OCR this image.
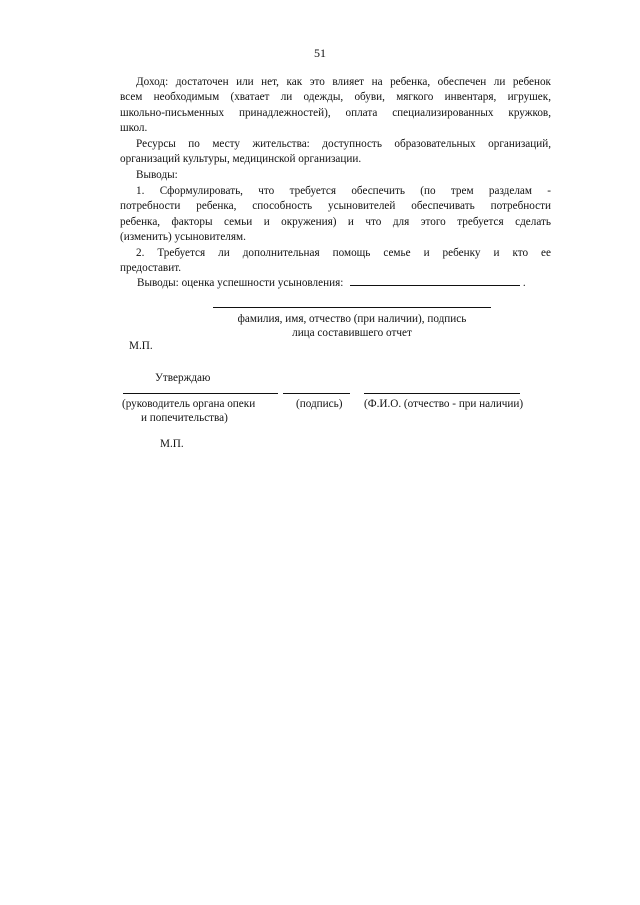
51
Доход: достаточен или нет, как это влияет на ребенка, обеспечен ли ребенок
всем необходимым (хватает ли одежды, обуви, мягкого инвентаря, игрушек,
школьно-письменных принадлежностей), оплата специализированных кружков,
школ.
Ресурсы по месту жительства: доступность образовательных организаций,
организаций культуры, медицинской организации.
Выводы:
1. Сформулировать, что требуется обеспечить (по трем разделам -
потребности ребенка, способность усыновителей обеспечивать потребности
ребенка, факторы семьи и окружения) и что для этого требуется сделать
(изменить) усыновителям.
2. Требуется ли дополнительная помощь семье и ребенку и кто ее
предоставит.
Выводы: оценка успешности усыновления:	.
фамилия, имя, отчество (при наличии), подпись
лица составившего отчет
М.П.
Утверждаю
(руководитель органа опеки
и попечительства)
(подпись) (Ф.И.О. (отчество - при наличии)
М.П.
